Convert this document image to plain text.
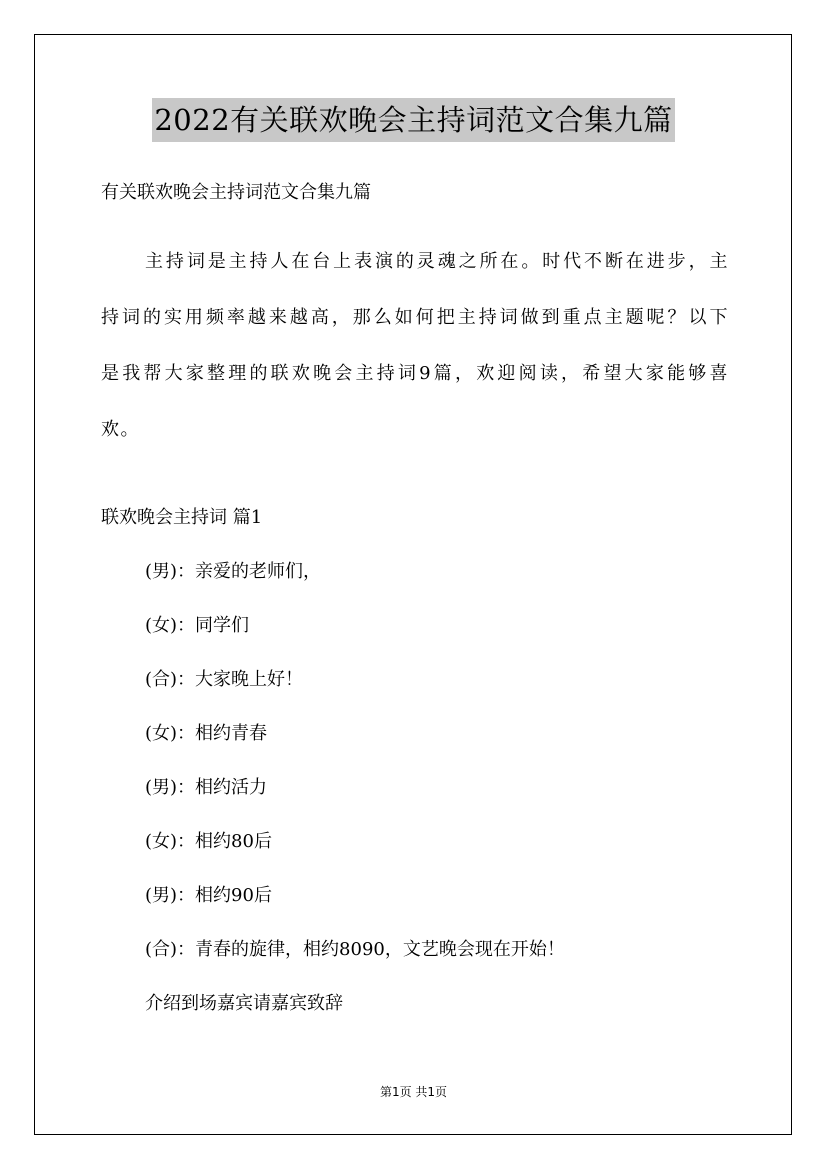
2022有关联欢晚会主持词范文合集九篇
有关联欢晚会主持词范文合集九篇
主持词是主持人在台上表演的灵魂之所在。时代不断在进步，主
持词的实用频率越来越高，那么如何把主持词做到重点主题呢？以下
是我帮大家整理的联欢晚会主持词9篇，欢迎阅读，希望大家能够喜
欢。
联欢晚会主持词 篇1
(男)：亲爱的老师们，
(女)：同学们
(合)：大家晚上好！
(女)：相约青春
(男)：相约活力
(女)：相约80后
(男)：相约90后
(合)：青春的旋律，相约8090，文艺晚会现在开始！
介绍到场嘉宾请嘉宾致辞
第1页 共1页
